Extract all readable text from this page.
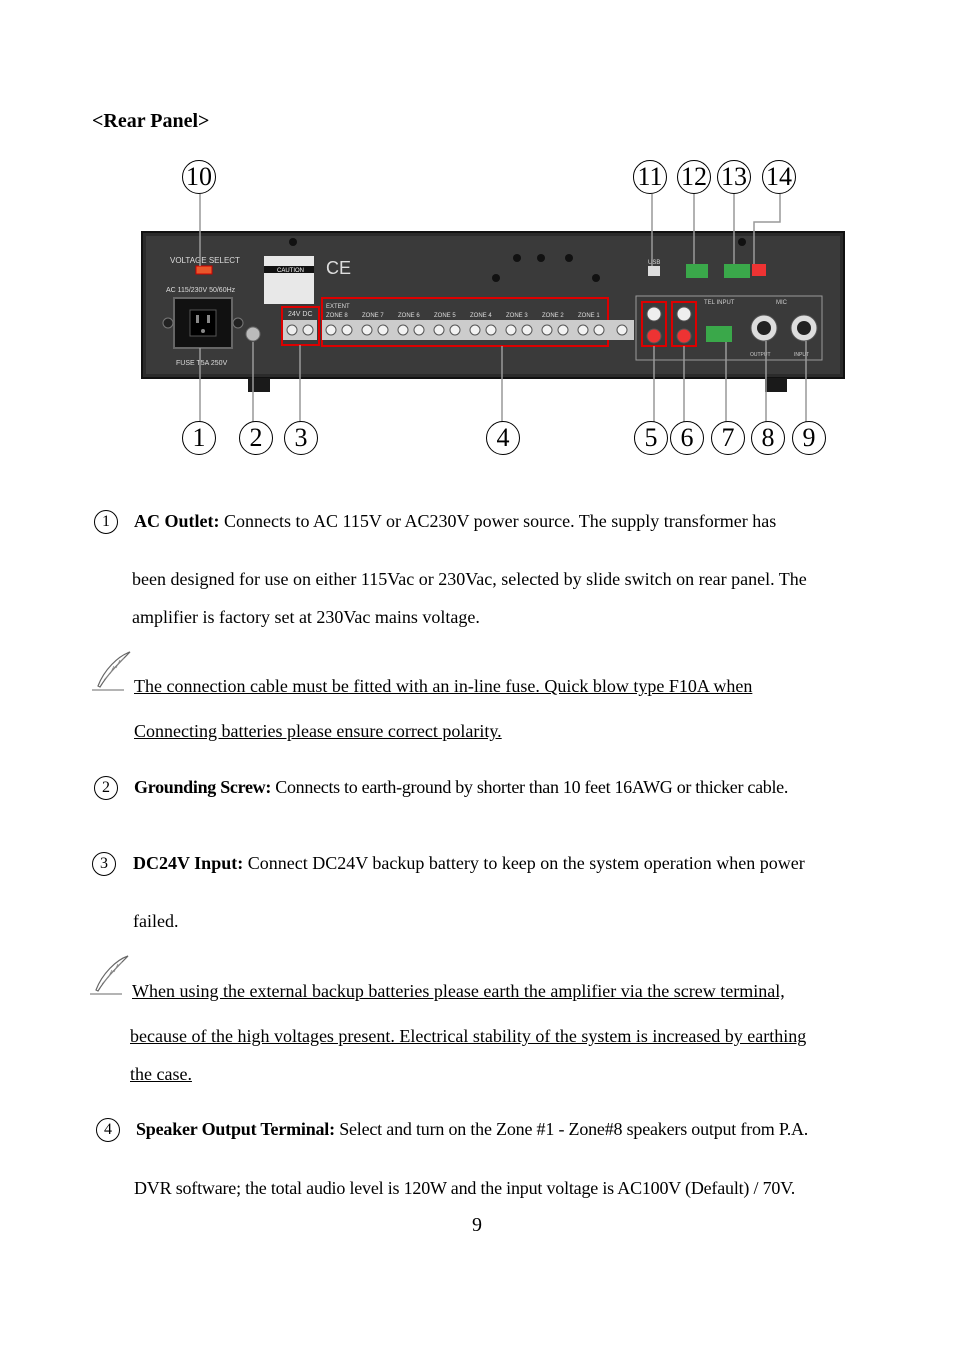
<Rear Panel>
VOLTAGE SELECT
AC 115/230V 50/60Hz
FUSE T5A 250V
CAUTION CE
24V DC
EXTENT
ZONE 8 ZONE 7 ZONE 6 ZONE 5 ZONE 4 ZONE 3 ZONE 2 ZONE 1
USB
TEL INPUT	MIC
OUTPUT	INPUT
10	11 12 13 14
1	2	3	4	5 6	7	8	9
1	AC Outlet: Connects to AC 115V or AC230V power source. The supply transformer has
been designed for use on either 115Vac or 230Vac, selected by slide switch on rear panel. The
amplifier is factory set at 230Vac mains voltage.
The connection cable must be fitted with an in-line fuse. Quick blow type F10A when
Connecting batteries please ensure correct polarity.
2	Grounding Screw: Connects to earth-ground by shorter than 10 feet 16AWG or thicker cable.
3	DC24V Input: Connect DC24V backup battery to keep on the system operation when power
failed.
When using the external backup batteries please earth the amplifier via the screw terminal,
because of the high voltages present. Electrical stability of the system is increased by earthing
the case.
4	Speaker Output Terminal: Select and turn on the Zone #1 - Zone#8 speakers output from P.A.
DVR software; the total audio level is 120W and the input voltage is AC100V (Default) / 70V.
9
